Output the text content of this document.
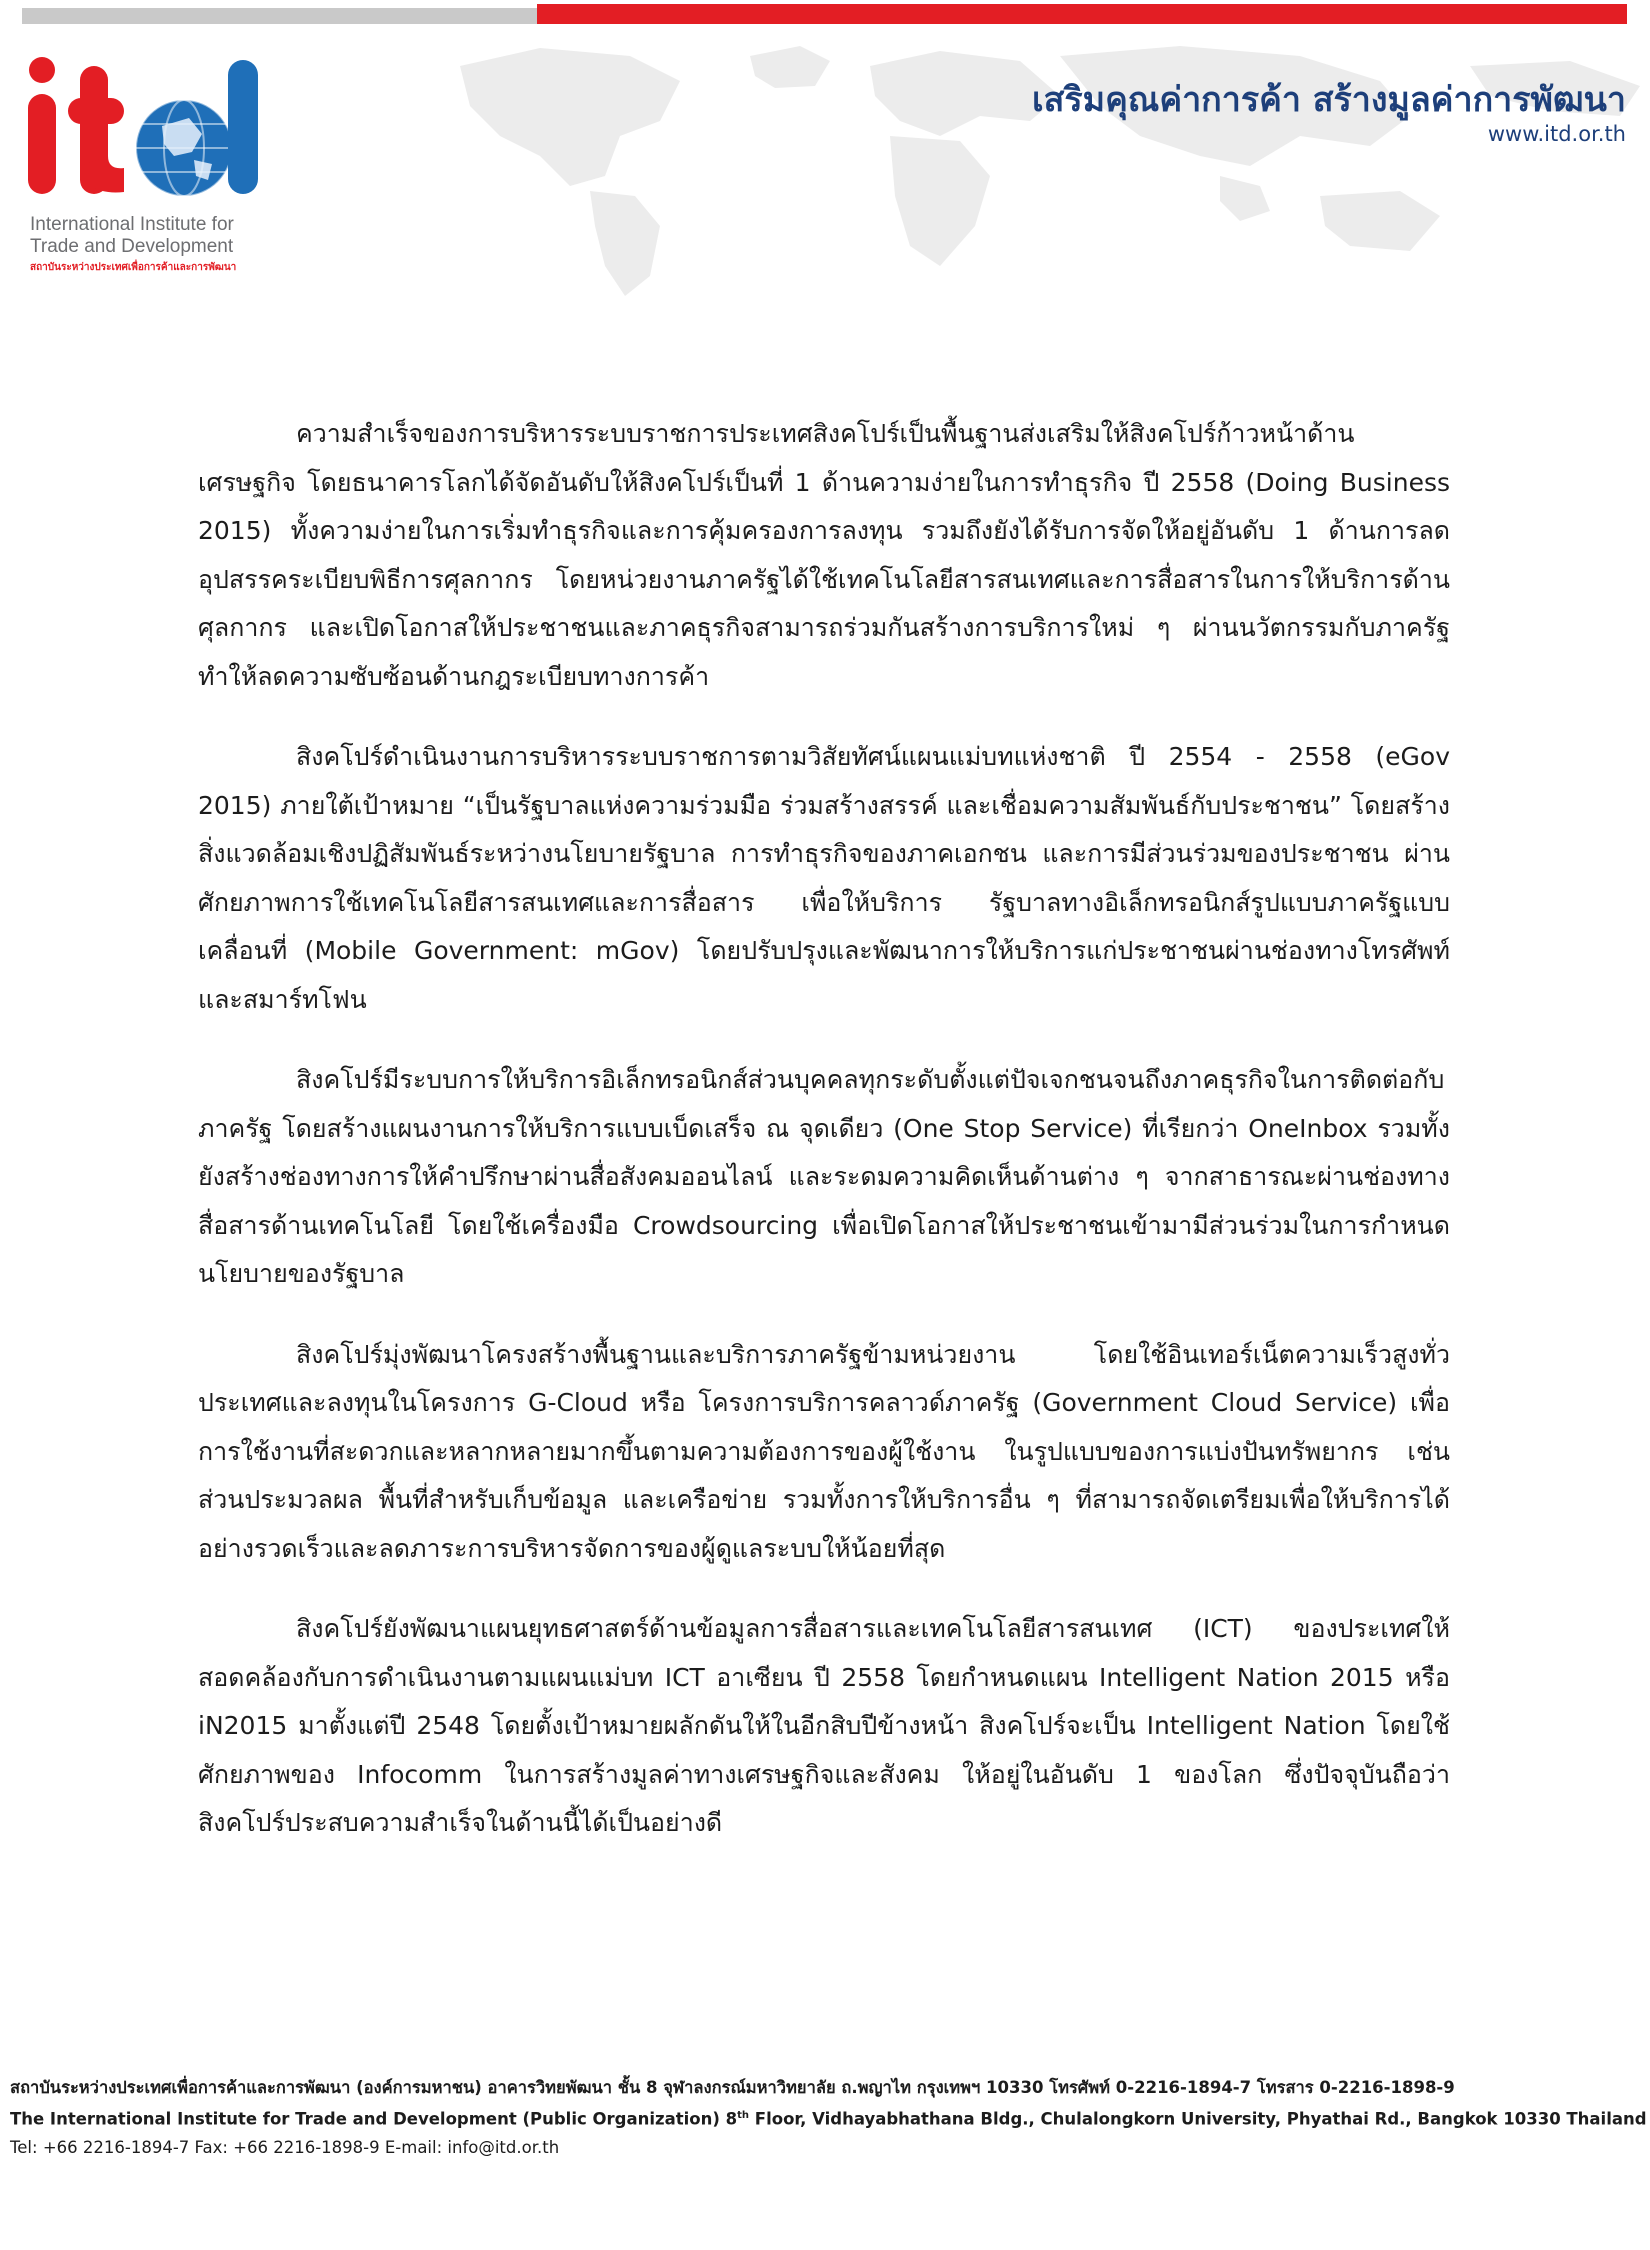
International Institute for
Trade and Development
สถาบันระหว่างประเทศเพื่อการค้าและการพัฒนา
เสริมคุณค่าการค้า สร้างมูลค่าการพัฒนา
www.itd.or.th

ความสำเร็จของการบริหารระบบราชการประเทศสิงคโปร์เป็นพื้นฐานส่งเสริมให้สิงคโปร์ก้าวหน้าด้านเศรษฐกิจ โดยธนาคารโลกได้จัดอันดับให้สิงคโปร์เป็นที่ 1 ด้านความง่ายในการทำธุรกิจ ปี 2558 (Doing Business 2015) ทั้งความง่ายในการเริ่มทำธุรกิจและการคุ้มครองการลงทุน รวมถึงยังได้รับการจัดให้อยู่อันดับ 1 ด้านการลดอุปสรรคระเบียบพิธีการศุลกากร โดยหน่วยงานภาครัฐได้ใช้เทคโนโลยีสารสนเทศและการสื่อสารในการให้บริการด้านศุลกากร และเปิดโอกาสให้ประชาชนและภาคธุรกิจสามารถร่วมกันสร้างการบริการใหม่ ๆ ผ่านนวัตกรรมกับภาครัฐ ทำให้ลดความซับซ้อนด้านกฎระเบียบทางการค้า

สิงคโปร์ดำเนินงานการบริหารระบบราชการตามวิสัยทัศน์แผนแม่บทแห่งชาติ ปี 2554 - 2558 (eGov 2015) ภายใต้เป้าหมาย “เป็นรัฐบาลแห่งความร่วมมือ ร่วมสร้างสรรค์ และเชื่อมความสัมพันธ์กับประชาชน” โดยสร้างสิ่งแวดล้อมเชิงปฏิสัมพันธ์ระหว่างนโยบายรัฐบาล การทำธุรกิจของภาคเอกชน และการมีส่วนร่วมของประชาชน ผ่านศักยภาพการใช้เทคโนโลยีสารสนเทศและการสื่อสาร เพื่อให้บริการ รัฐบาลทางอิเล็กทรอนิกส์รูปแบบภาครัฐแบบเคลื่อนที่ (Mobile Government: mGov) โดยปรับปรุงและพัฒนาการให้บริการแก่ประชาชนผ่านช่องทางโทรศัพท์และสมาร์ทโฟน

สิงคโปร์มีระบบการให้บริการอิเล็กทรอนิกส์ส่วนบุคคลทุกระดับตั้งแต่ปัจเจกชนจนถึงภาคธุรกิจในการติดต่อกับภาครัฐ โดยสร้างแผนงานการให้บริการแบบเบ็ดเสร็จ ณ จุดเดียว (One Stop Service) ที่เรียกว่า OneInbox รวมทั้งยังสร้างช่องทางการให้คำปรึกษาผ่านสื่อสังคมออนไลน์ และระดมความคิดเห็นด้านต่าง ๆ จากสาธารณะผ่านช่องทางสื่อสารด้านเทคโนโลยี โดยใช้เครื่องมือ Crowdsourcing เพื่อเปิดโอกาสให้ประชาชนเข้ามามีส่วนร่วมในการกำหนดนโยบายของรัฐบาล

สิงคโปร์มุ่งพัฒนาโครงสร้างพื้นฐานและบริการภาครัฐข้ามหน่วยงาน โดยใช้อินเทอร์เน็ตความเร็วสูงทั่วประเทศและลงทุนในโครงการ G-Cloud หรือ โครงการบริการคลาวด์ภาครัฐ (Government Cloud Service) เพื่อการใช้งานที่สะดวกและหลากหลายมากขึ้นตามความต้องการของผู้ใช้งาน ในรูปแบบของการแบ่งปันทรัพยากร เช่น ส่วนประมวลผล พื้นที่สำหรับเก็บข้อมูล และเครือข่าย รวมทั้งการให้บริการอื่น ๆ ที่สามารถจัดเตรียมเพื่อให้บริการได้อย่างรวดเร็วและลดภาระการบริหารจัดการของผู้ดูแลระบบให้น้อยที่สุด

สิงคโปร์ยังพัฒนาแผนยุทธศาสตร์ด้านข้อมูลการสื่อสารและเทคโนโลยีสารสนเทศ (ICT) ของประเทศให้สอดคล้องกับการดำเนินงานตามแผนแม่บท ICT อาเซียน ปี 2558 โดยกำหนดแผน Intelligent Nation 2015 หรือ iN2015 มาตั้งแต่ปี 2548 โดยตั้งเป้าหมายผลักดันให้ในอีกสิบปีข้างหน้า สิงคโปร์จะเป็น Intelligent Nation โดยใช้ศักยภาพของ Infocomm ในการสร้างมูลค่าทางเศรษฐกิจและสังคม ให้อยู่ในอันดับ 1 ของโลก ซึ่งปัจจุบันถือว่าสิงคโปร์ประสบความสำเร็จในด้านนี้ได้เป็นอย่างดี

สถาบันระหว่างประเทศเพื่อการค้าและการพัฒนา (องค์การมหาชน) อาคารวิทยพัฒนา ชั้น 8 จุฬาลงกรณ์มหาวิทยาลัย ถ.พญาไท กรุงเทพฯ 10330 โทรศัพท์ 0-2216-1894-7 โทรสาร 0-2216-1898-9
The International Institute for Trade and Development (Public Organization) 8th Floor, Vidhayabhathana Bldg., Chulalongkorn University, Phyathai Rd., Bangkok 10330 Thailand
Tel: +66 2216-1894-7 Fax: +66 2216-1898-9 E-mail: info@itd.or.th
